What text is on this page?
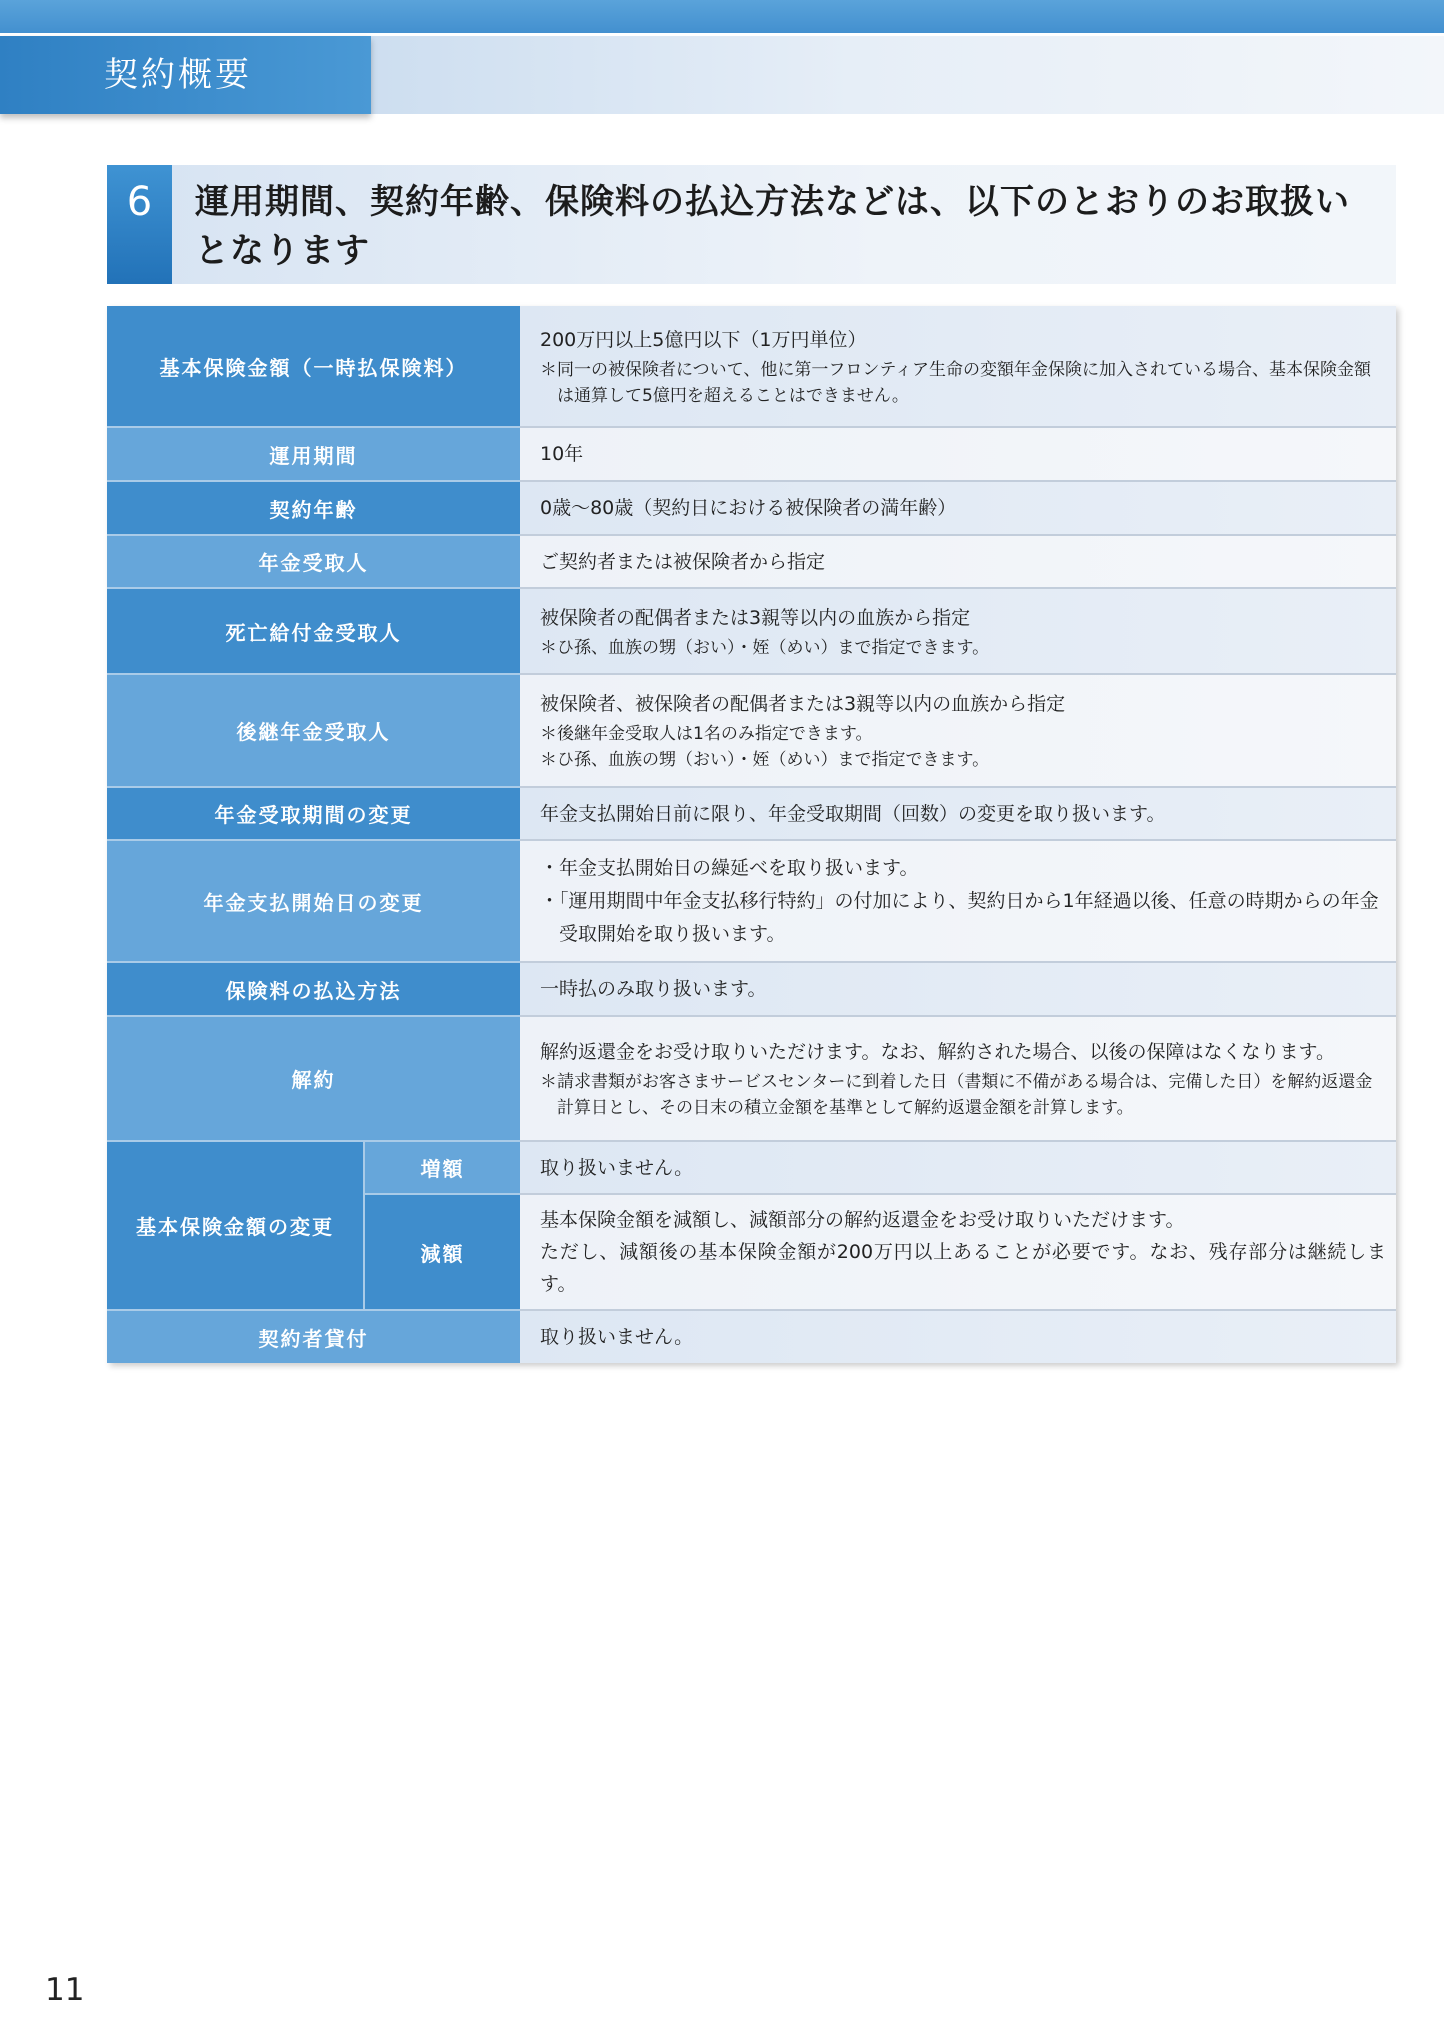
契約概要
6	運用期間、契約年齢、保険料の払込方法などは、以下のとおりのお取扱い
となります
基本保険金額（一時払保険料）		200万円以上5億円以下（1万円単位）
＊同一の被保険者について、他に第一フロンティア生命の変額年金保険に加入されている場合、基本保険金額は通算して5億円を超えることはできません。

運用期間		10年

契約年齢		0歳〜80歳（契約日における被保険者の満年齢）

年金受取人		ご契約者または被保険者から指定

死亡給付金受取人		被保険者の配偶者または3親等以内の血族から指定
＊ひ孫、血族の甥（おい）・姪（めい）まで指定できます。

後継年金受取人		被保険者、被保険者の配偶者または3親等以内の血族から指定
＊後継年金受取人は1名のみ指定できます。
＊ひ孫、血族の甥（おい）・姪（めい）まで指定できます。

年金受取期間の変更		年金支払開始日前に限り、年金受取期間（回数）の変更を取り扱います。

年金支払開始日の変更		・年金支払開始日の繰延べを取り扱います。
・「運用期間中年金支払移行特約」の付加により、契約日から1年経過以後、任意の時期からの年金受取開始を取り扱います。

保険料の払込方法		一時払のみ取り扱います。

解約		解約返還金をお受け取りいただけます。なお、解約された場合、以後の保障はなくなります。
＊請求書類がお客さまサービスセンターに到着した日（書類に不備がある場合は、完備した日）を解約返還金計算日とし、その日末の積立金額を基準として解約返還金額を計算します。

基本保険金額の変更	増額	取り扱いません。

	減額	基本保険金額を減額し、減額部分の解約返還金をお受け取りいただけます。
ただし、減額後の基本保険金額が200万円以上あることが必要です。なお、残存部分は継続します。

契約者貸付		取り扱いません。
11
